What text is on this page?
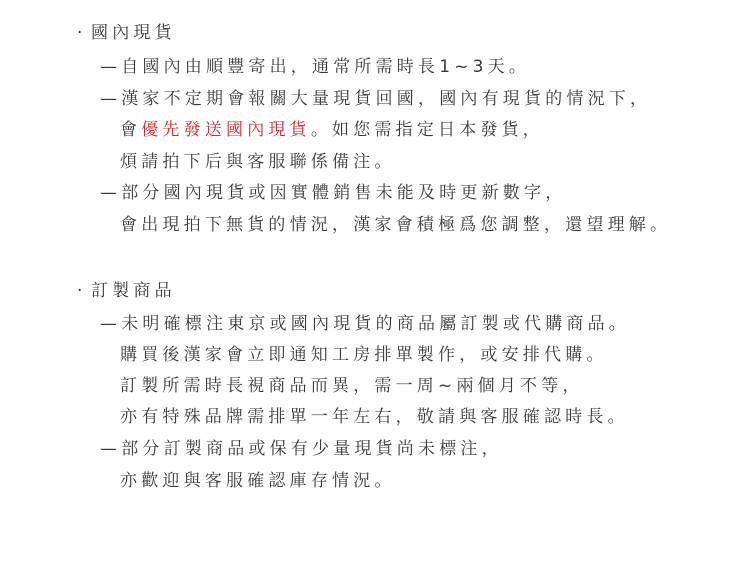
· 國內現貨
—自國內由順豐寄出，通常所需時長1~3天。
—漢家不定期會報關大量現貨回國，國內有現貨的情況下，
會優先發送國內現貨。如您需指定日本發貨，
煩請拍下后與客服聯係備注。
—部分國內現貨或因實體銷售未能及時更新數字，
會出現拍下無貨的情況，漢家會積極爲您調整，還望理解。
· 訂製商品
—未明確標注東京或國內現貨的商品屬訂製或代購商品。
購買後漢家會立即通知工房排單製作，或安排代購。
訂製所需時長視商品而異，需一周~兩個月不等，
亦有特殊品牌需排單一年左右，敬請與客服確認時長。
—部分訂製商品或保有少量現貨尚未標注，
亦歡迎與客服確認庫存情況。
